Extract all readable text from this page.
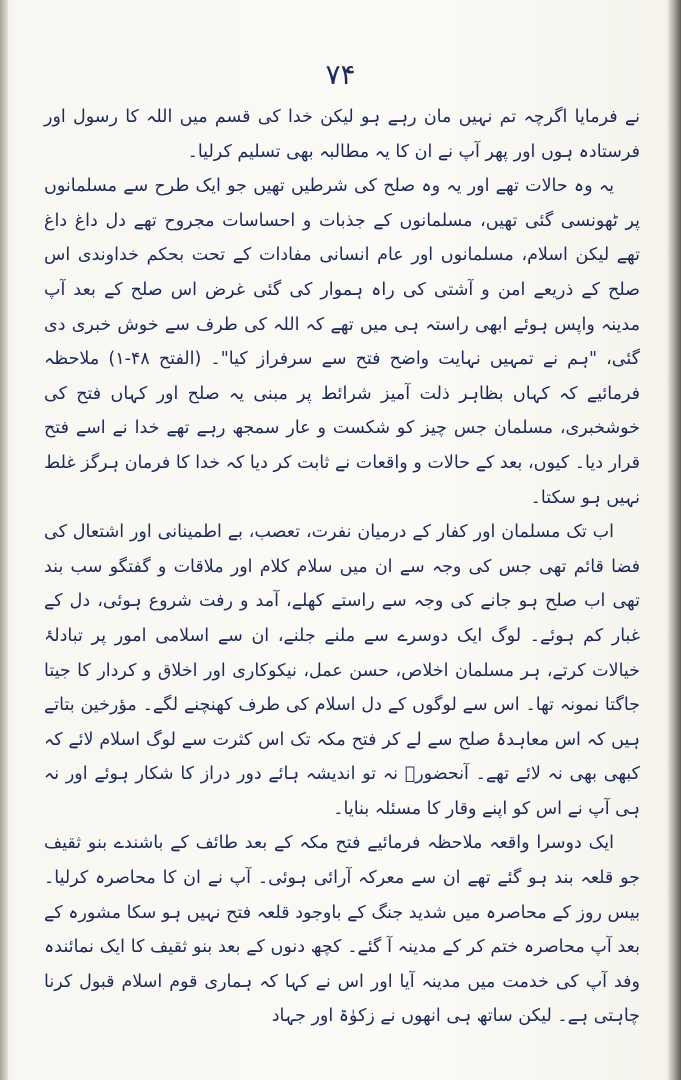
۷۴

نے فرمایا اگرچہ تم نہیں مان رہے ہو لیکن خدا کی قسم میں اللہ کا رسول اور فرستادہ ہوں اور پھر آپ نے ان کا یہ مطالبہ بھی تسلیم کرلیا۔

یہ وہ حالات تھے اور یہ وہ صلح کی شرطیں تھیں جو ایک طرح سے مسلمانوں پر ٹھونسی گئی تھیں، مسلمانوں کے جذبات و احساسات مجروح تھے دل داغ داغ تھے لیکن اسلام، مسلمانوں اور عام انسانی مفادات کے تحت بحکم خداوندی اس صلح کے ذریعے امن و آشتی کی راہ ہموار کی گئی غرض اس صلح کے بعد آپ مدینہ واپس ہوئے ابھی راستہ ہی میں تھے کہ اللہ کی طرف سے خوش خبری دی گئی، "ہم نے تمہیں نہایت واضح فتح سے سرفراز کیا"۔ (الفتح ۴۸-۱) ملاحظہ فرمائیے کہ کہاں بظاہر ذلت آمیز شرائط پر مبنی یہ صلح اور کہاں فتح کی خوشخبری، مسلمان جس چیز کو شکست و عار سمجھ رہے تھے خدا نے اسے فتح قرار دیا۔ کیوں، بعد کے حالات و واقعات نے ثابت کر دیا کہ خدا کا فرمان ہرگز غلط نہیں ہو سکتا۔

اب تک مسلمان اور کفار کے درمیان نفرت، تعصب، بے اطمینانی اور اشتعال کی فضا قائم تھی جس کی وجہ سے ان میں سلام کلام اور ملاقات و گفتگو سب بند تھی اب صلح ہو جانے کی وجہ سے راستے کھلے، آمد و رفت شروع ہوئی، دل کے غبار کم ہوئے۔ لوگ ایک دوسرے سے ملنے جلنے، ان سے اسلامی امور پر تبادلۂ خیالات کرتے، ہر مسلمان اخلاص، حسن عمل، نیکوکاری اور اخلاق و کردار کا جیتا جاگتا نمونہ تھا۔ اس سے لوگوں کے دل اسلام کی طرف کھنچنے لگے۔ مؤرخین بتاتے ہیں کہ اس معاہدۂ صلح سے لے کر فتح مکہ تک اس کثرت سے لوگ اسلام لائے کہ کبھی بھی نہ لائے تھے۔ آنحضورؐ نہ تو اندیشہ ہائے دور دراز کا شکار ہوئے اور نہ ہی آپ نے اس کو اپنے وقار کا مسئلہ بنایا۔

ایک دوسرا واقعہ ملاحظہ فرمائیے فتح مکہ کے بعد طائف کے باشندے بنو ثقیف جو قلعہ بند ہو گئے تھے ان سے معرکہ آرائی ہوئی۔ آپ نے ان کا محاصرہ کرلیا۔ بیس روز کے محاصرہ میں شدید جنگ کے باوجود قلعہ فتح نہیں ہو سکا مشورہ کے بعد آپ محاصرہ ختم کر کے مدینہ آ گئے۔ کچھ دنوں کے بعد بنو ثقیف کا ایک نمائندہ وفد آپ کی خدمت میں مدینہ آیا اور اس نے کہا کہ ہماری قوم اسلام قبول کرنا چاہتی ہے۔ لیکن ساتھ ہی انھوں نے زکوٰۃ اور جہاد
